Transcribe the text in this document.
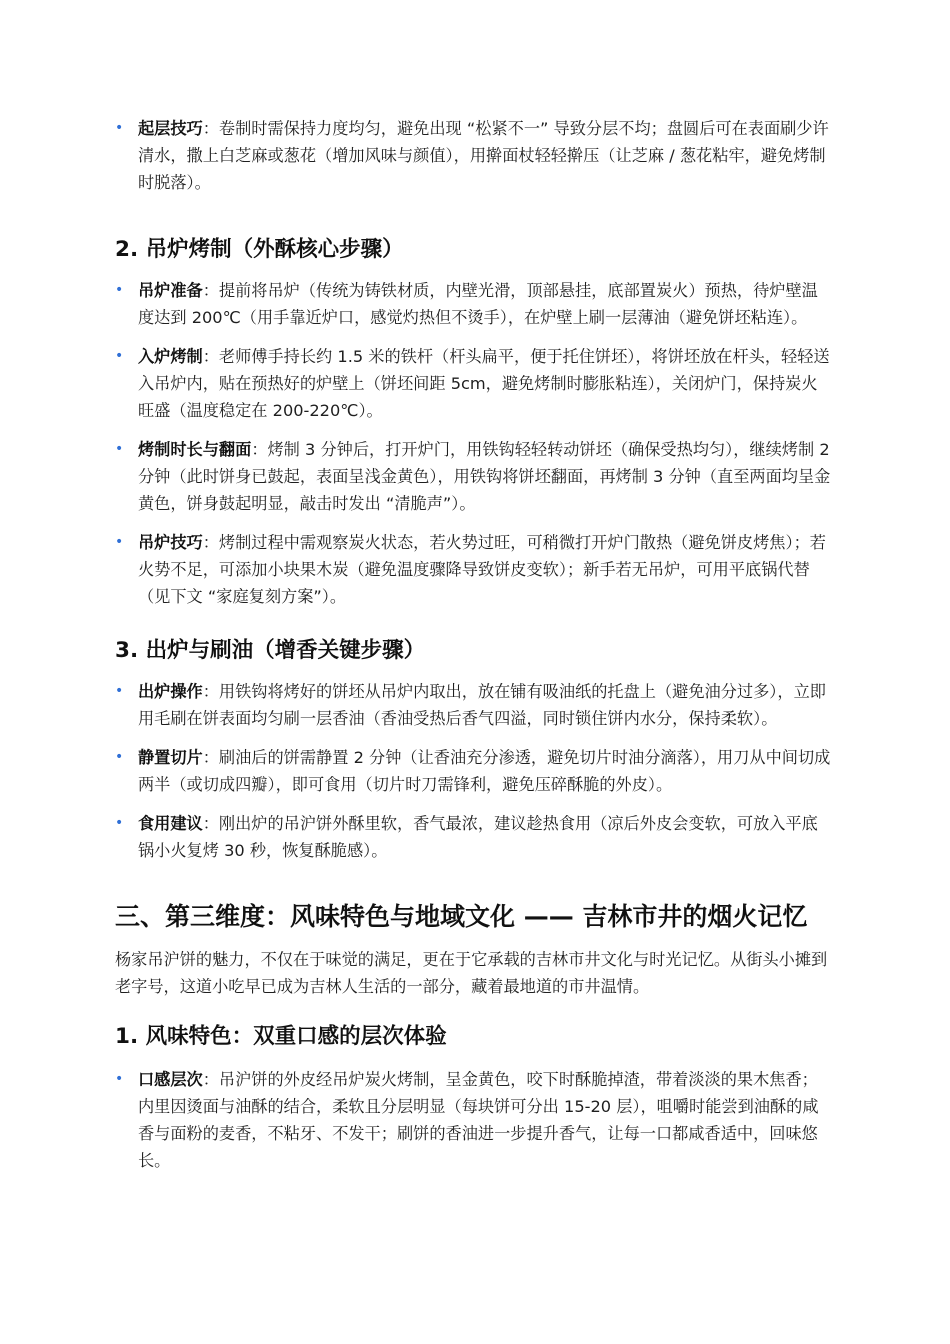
• 起层技巧：卷制时需保持力度均匀，避免出现 “松紧不一” 导致分层不均；盘圆后可在表面刷少许清水，撒上白芝麻或葱花（增加风味与颜值），用擀面杖轻轻擀压（让芝麻 / 葱花粘牢，避免烤制时脱落）。
2. 吊炉烤制（外酥核心步骤）
• 吊炉准备：提前将吊炉（传统为铸铁材质，内壁光滑，顶部悬挂，底部置炭火）预热，待炉壁温度达到 200℃（用手靠近炉口，感觉灼热但不烫手），在炉壁上刷一层薄油（避免饼坯粘连）。
• 入炉烤制：老师傅手持长约 1.5 米的铁杆（杆头扁平，便于托住饼坯），将饼坯放在杆头，轻轻送入吊炉内，贴在预热好的炉壁上（饼坯间距 5cm，避免烤制时膨胀粘连），关闭炉门，保持炭火旺盛（温度稳定在 200-220℃）。
• 烤制时长与翻面：烤制 3 分钟后，打开炉门，用铁钩轻轻转动饼坯（确保受热均匀），继续烤制 2 分钟（此时饼身已鼓起，表面呈浅金黄色），用铁钩将饼坯翻面，再烤制 3 分钟（直至两面均呈金黄色，饼身鼓起明显，敲击时发出 “清脆声”）。
• 吊炉技巧：烤制过程中需观察炭火状态，若火势过旺，可稍微打开炉门散热（避免饼皮烤焦）；若火势不足，可添加小块果木炭（避免温度骤降导致饼皮变软）；新手若无吊炉，可用平底锅代替（见下文 “家庭复刻方案”）。
3. 出炉与刷油（增香关键步骤）
• 出炉操作：用铁钩将烤好的饼坯从吊炉内取出，放在铺有吸油纸的托盘上（避免油分过多），立即用毛刷在饼表面均匀刷一层香油（香油受热后香气四溢，同时锁住饼内水分，保持柔软）。
• 静置切片：刷油后的饼需静置 2 分钟（让香油充分渗透，避免切片时油分滴落），用刀从中间切成两半（或切成四瓣），即可食用（切片时刀需锋利，避免压碎酥脆的外皮）。
• 食用建议：刚出炉的吊沪饼外酥里软，香气最浓，建议趁热食用（凉后外皮会变软，可放入平底锅小火复烤 30 秒，恢复酥脆感）。
三、第三维度：风味特色与地域文化 —— 吉林市井的烟火记忆

杨家吊沪饼的魅力，不仅在于味觉的满足，更在于它承载的吉林市井文化与时光记忆。从街头小摊到老字号，这道小吃早已成为吉林人生活的一部分，藏着最地道的市井温情。

1. 风味特色：双重口感的层次体验
• 口感层次：吊沪饼的外皮经吊炉炭火烤制，呈金黄色，咬下时酥脆掉渣，带着淡淡的果木焦香；内里因烫面与油酥的结合，柔软且分层明显（每块饼可分出 15-20 层），咀嚼时能尝到油酥的咸香与面粉的麦香，不粘牙、不发干；刷饼的香油进一步提升香气，让每一口都咸香适中，回味悠长。
